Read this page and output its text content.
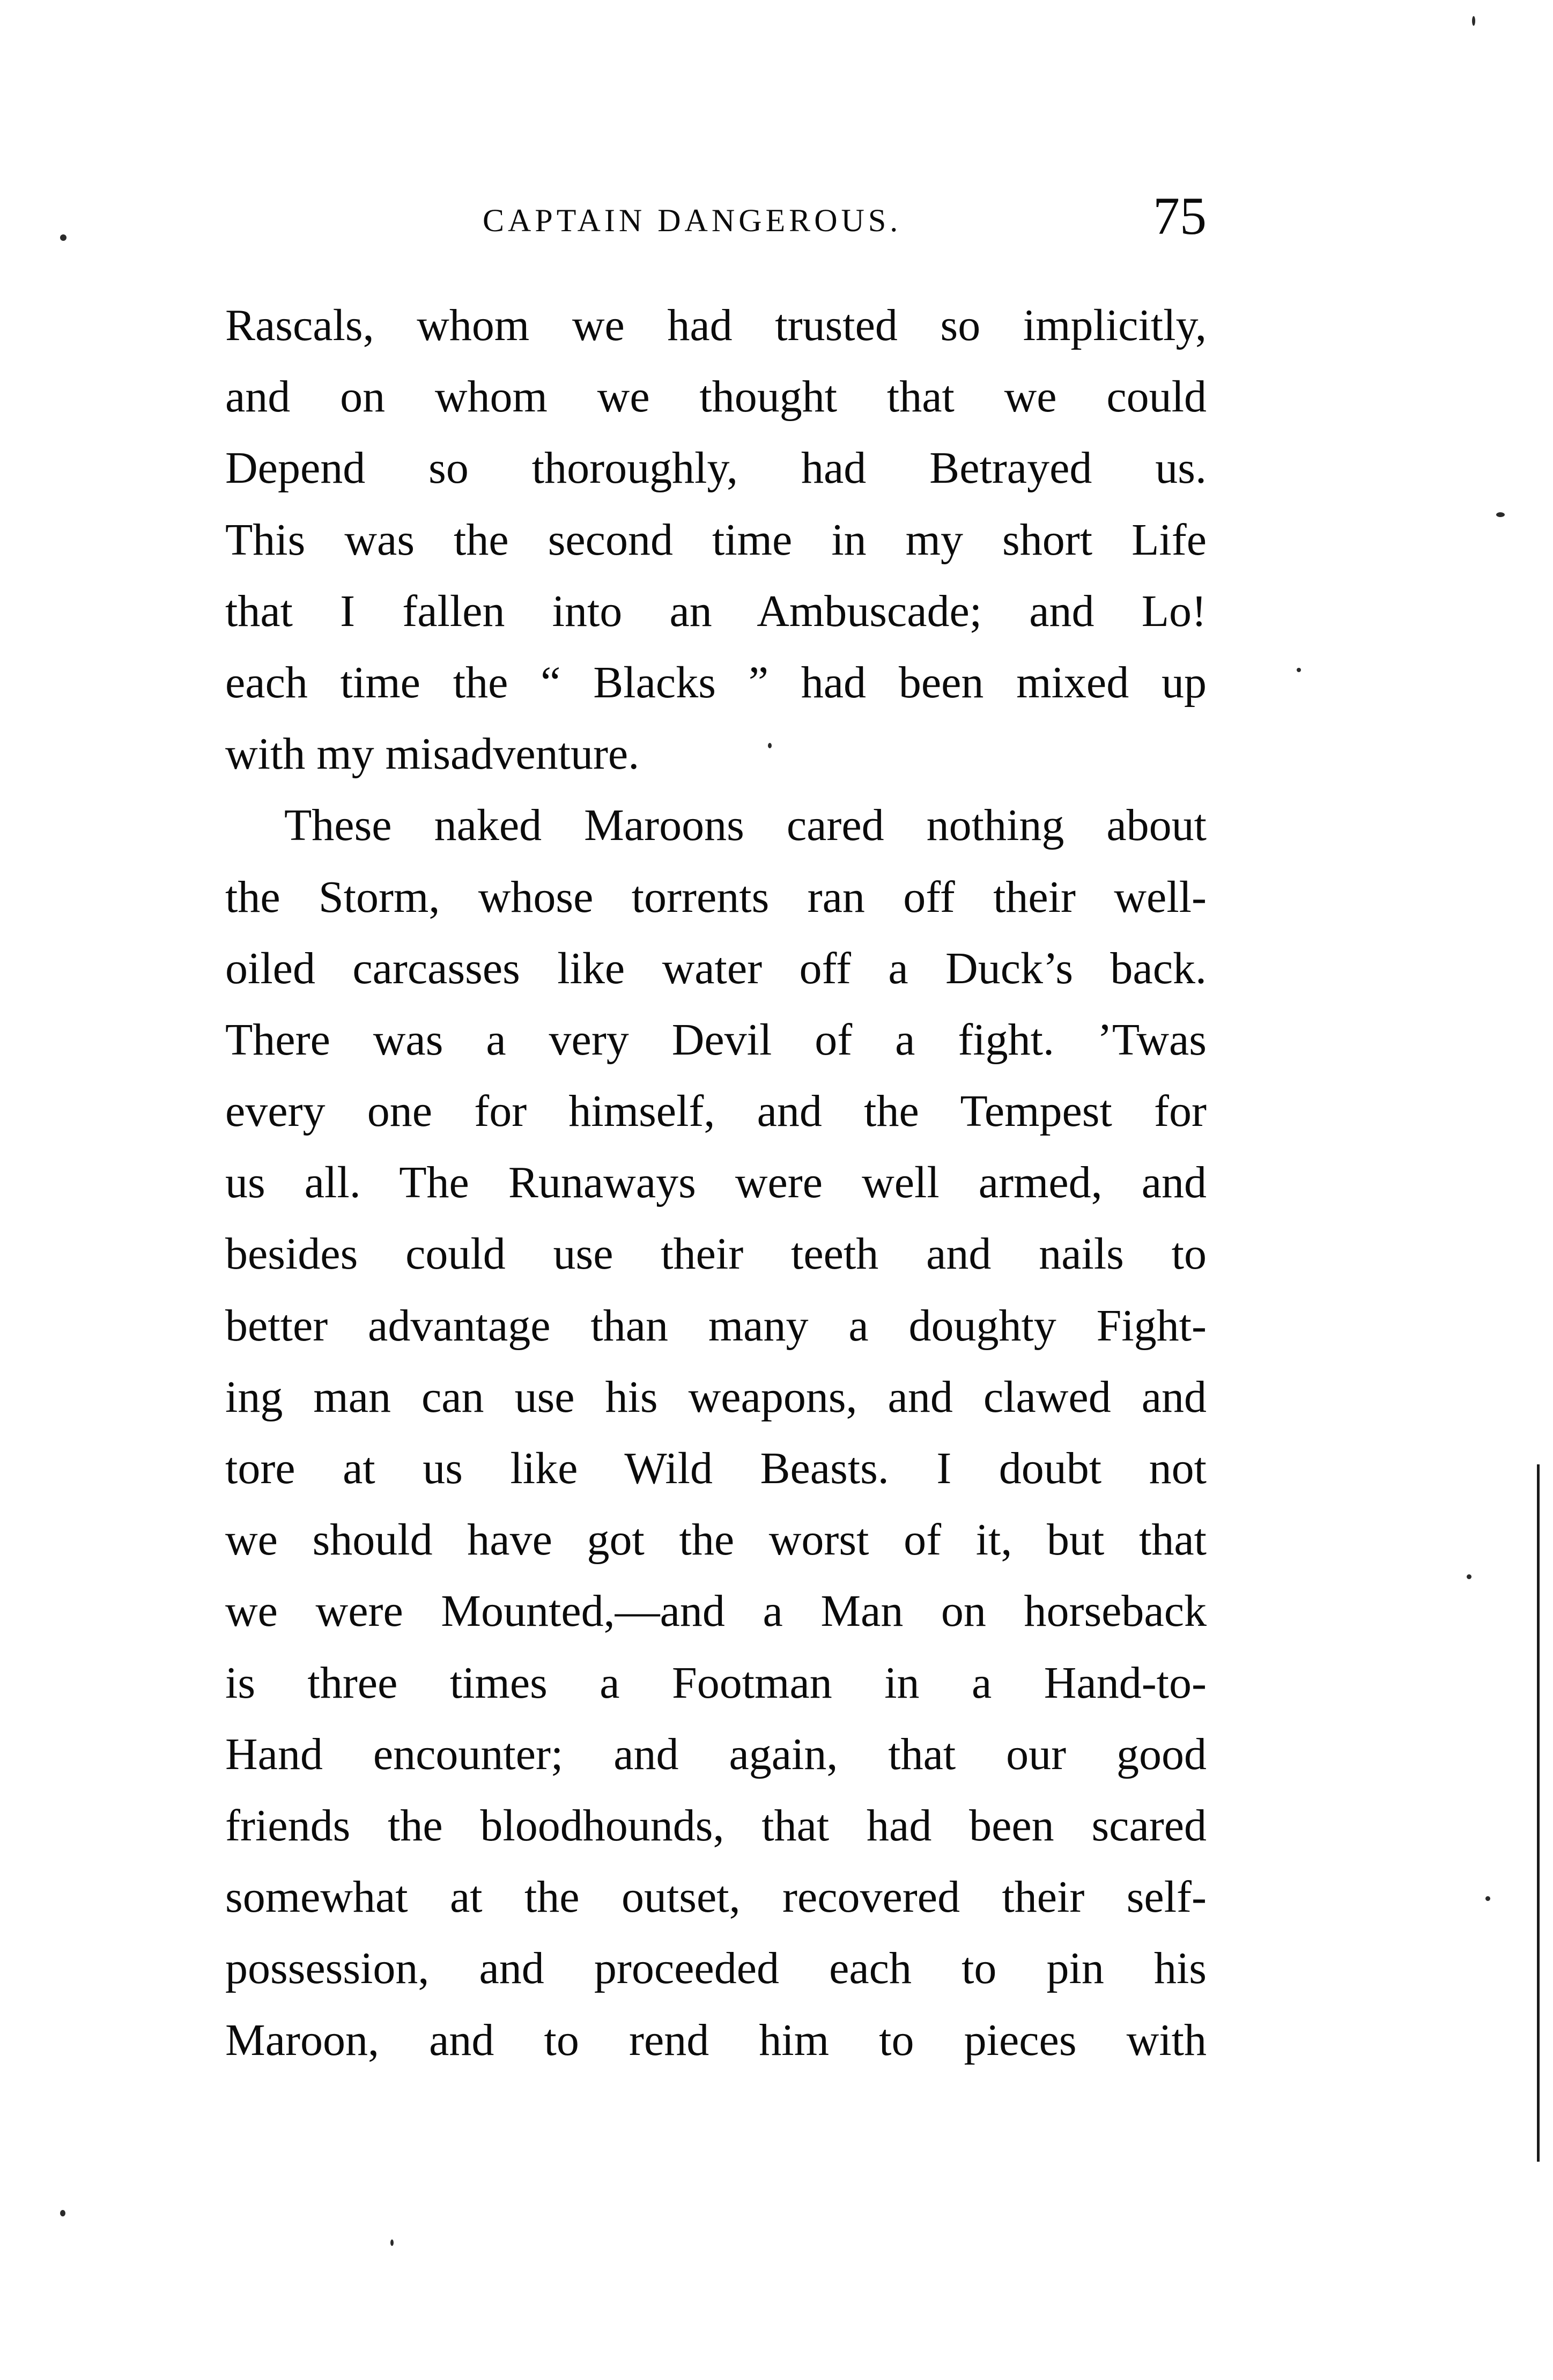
CAPTAIN DANGEROUS.	75
Rascals, whom we had trusted so implicitly,
and on whom we thought that we could
Depend so thoroughly, had Betrayed us.
This was the second time in my short Life
that I fallen into an Ambuscade; and Lo!
each time the “ Blacks ” had been mixed up
with my misadventure.
These naked Maroons cared nothing about
the Storm, whose torrents ran off their well-
oiled carcasses like water off a Duck’s back.
There was a very Devil of a fight. ’Twas
every one for himself, and the Tempest for
us all. The Runaways were well armed, and
besides could use their teeth and nails to
better advantage than many a doughty Fight-
ing man can use his weapons, and clawed and
tore at us like Wild Beasts. I doubt not
we should have got the worst of it, but that
we were Mounted,—and a Man on horseback
is three times a Footman in a Hand-to-
Hand encounter; and again, that our good
friends the bloodhounds, that had been scared
somewhat at the outset, recovered their self-
possession, and proceeded each to pin his
Maroon, and to rend him to pieces with
